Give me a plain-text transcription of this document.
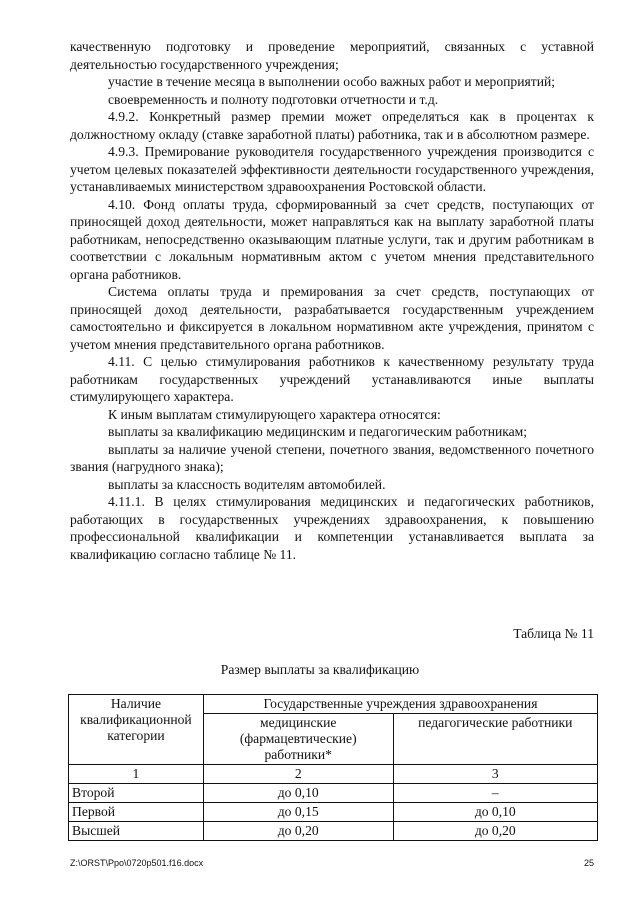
качественную подготовку и проведение мероприятий, связанных с уставной деятельностью государственного учреждения;

участие в течение месяца в выполнении особо важных работ и мероприятий;

своевременность и полноту подготовки отчетности и т.д.

4.9.2. Конкретный размер премии может определяться как в процентах к должностному окладу (ставке заработной платы) работника, так и в абсолютном размере.

4.9.3. Премирование руководителя государственного учреждения производится с учетом целевых показателей эффективности деятельности государственного учреждения, устанавливаемых министерством здравоохранения Ростовской области.

4.10. Фонд оплаты труда, сформированный за счет средств, поступающих от приносящей доход деятельности, может направляться как на выплату заработной платы работникам, непосредственно оказывающим платные услуги, так и другим работникам в соответствии с локальным нормативным актом с учетом мнения представительного органа работников.

Система оплаты труда и премирования за счет средств, поступающих от приносящей доход деятельности, разрабатывается государственным учреждением самостоятельно и фиксируется в локальном нормативном акте учреждения, принятом с учетом мнения представительного органа работников.

4.11. С целью стимулирования работников к качественному результату труда работникам государственных учреждений устанавливаются иные выплаты стимулирующего характера.

К иным выплатам стимулирующего характера относятся:

выплаты за квалификацию медицинским и педагогическим работникам;

выплаты за наличие ученой степени, почетного звания, ведомственного почетного звания (нагрудного знака);

выплаты за классность водителям автомобилей.

4.11.1. В целях стимулирования медицинских и педагогических работников, работающих в государственных учреждениях здравоохранения, к повышению профессиональной квалификации и компетенции устанавливается выплата за квалификацию согласно таблице № 11.

Таблица № 11
Размер выплаты за квалификацию
Наличие квалификационной категории	Государственные учреждения здравоохранения	
	медицинские (фармацевтические) работники*	педагогические работники
1	2	3
Второй	до 0,10	–
Первой	до 0,15	до 0,10
Высшей	до 0,20	до 0,20
Z:\ORST\Ppo\0720p501.f16.docx	25
